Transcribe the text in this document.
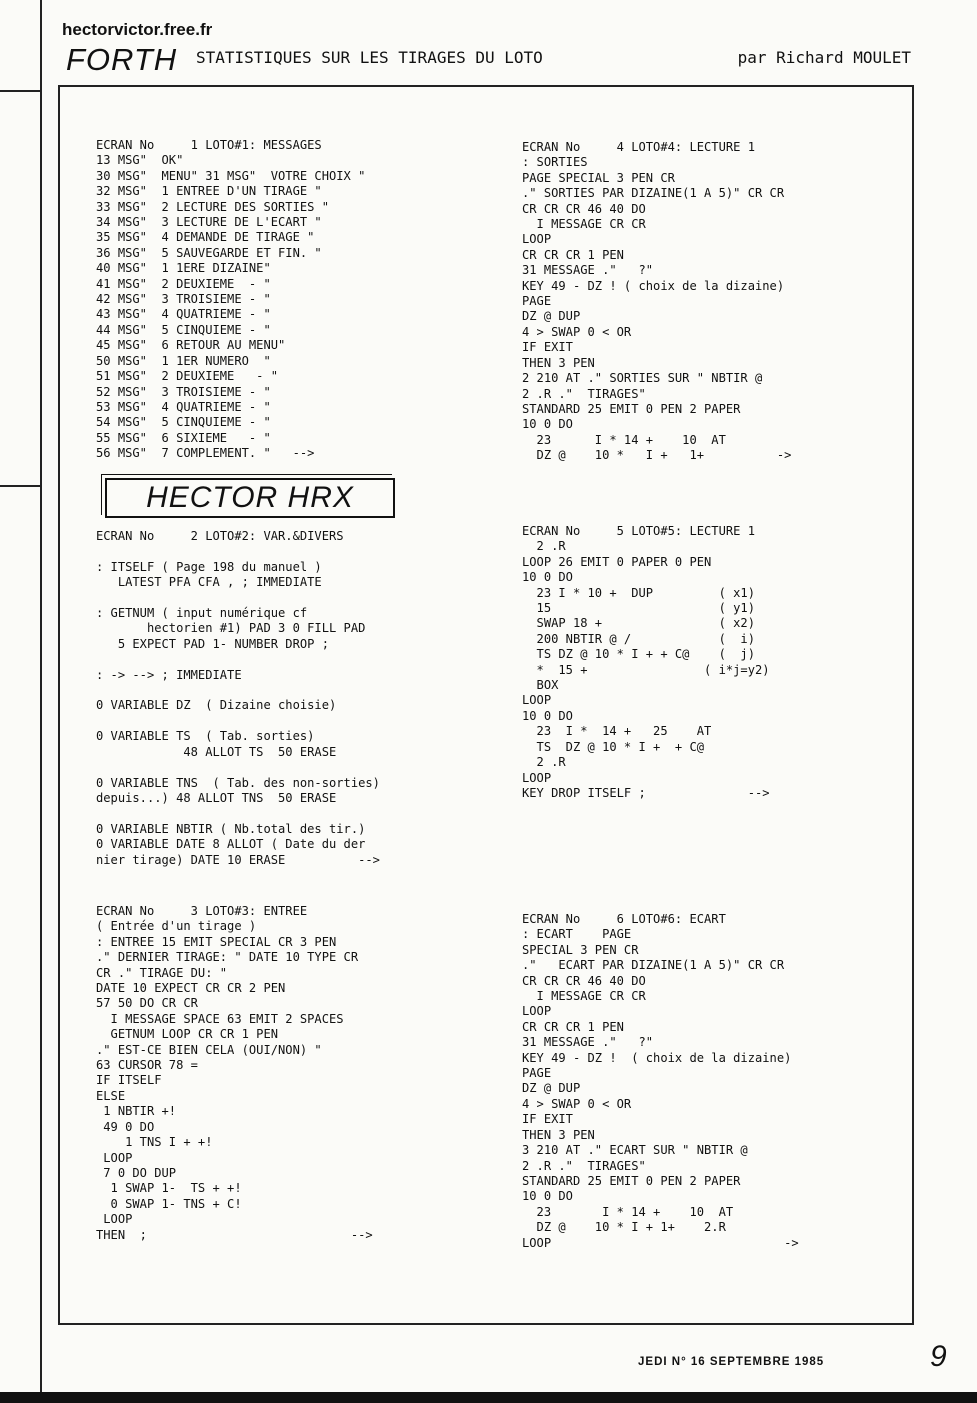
hectorvictor.free.fr
FORTH STATISTIQUES SUR LES TIRAGES DU LOTO	par Richard MOULET
ECRAN No     1 LOTO#1: MESSAGES
13 MSG"  OK"
30 MSG"  MENU" 31 MSG"  VOTRE CHOIX "
32 MSG"  1 ENTREE D'UN TIRAGE "
33 MSG"  2 LECTURE DES SORTIES "
34 MSG"  3 LECTURE DE L'ECART "
35 MSG"  4 DEMANDE DE TIRAGE "
36 MSG"  5 SAUVEGARDE ET FIN. "
40 MSG"  1 1ERE DIZAINE"
41 MSG"  2 DEUXIEME  - "
42 MSG"  3 TROISIEME - "
43 MSG"  4 QUATRIEME - "
44 MSG"  5 CINQUIEME - "
45 MSG"  6 RETOUR AU MENU"
50 MSG"  1 1ER NUMERO  "
51 MSG"  2 DEUXIEME   - "
52 MSG"  3 TROISIEME - "
53 MSG"  4 QUATRIEME - "
54 MSG"  5 CINQUIEME - "
55 MSG"  6 SIXIEME   - "
56 MSG"  7 COMPLEMENT. "   -->

ECRAN No     4 LOTO#4: LECTURE 1
: SORTIES
PAGE SPECIAL 3 PEN CR
." SORTIES PAR DIZAINE(1 A 5)" CR CR
CR CR CR 46 40 DO
I MESSAGE CR CR
LOOP
CR CR CR 1 PEN
31 MESSAGE ."   ?"
KEY 49 - DZ ! ( choix de la dizaine)
PAGE
DZ @ DUP
4 > SWAP 0 < OR
IF EXIT
THEN 3 PEN
2 210 AT ." SORTIES SUR " NBTIR @
2 .R ."  TIRAGES"
STANDARD 25 EMIT 0 PEN 2 PAPER
10 0 DO
23      I * 14 +    10  AT
DZ @    10 *   I +   1+          ->

HECTOR HRX
ECRAN No     2 LOTO#2: VAR.&DIVERS

: ITSELF ( Page 198 du manuel )
LATEST PFA CFA , ; IMMEDIATE

: GETNUM ( input numérique cf
hectorien #1) PAD 3 0 FILL PAD
5 EXPECT PAD 1- NUMBER DROP ;

: -> --> ; IMMEDIATE

0 VARIABLE DZ  ( Dizaine choisie)

0 VARIABLE TS  ( Tab. sorties)
48 ALLOT TS  50 ERASE

0 VARIABLE TNS  ( Tab. des non-sorties)
depuis...) 48 ALLOT TNS  50 ERASE

0 VARIABLE NBTIR ( Nb.total des tir.)
0 VARIABLE DATE 8 ALLOT ( Date du der
nier tirage) DATE 10 ERASE          -->

ECRAN No     5 LOTO#5: LECTURE 1
2 .R
LOOP 26 EMIT 0 PAPER 0 PEN
10 0 DO
23 I * 10 +  DUP         ( x1)
15                       ( y1)
SWAP 18 +                ( x2)
200 NBTIR @ /            (  i)
TS DZ @ 10 * I + + C@    (  j)
*  15 +                ( i*j=y2)
BOX
LOOP
10 0 DO
23  I *  14 +   25    AT
TS  DZ @ 10 * I +  + C@
2 .R
LOOP
KEY DROP ITSELF ;              -->

ECRAN No     3 LOTO#3: ENTREE
( Entrée d'un tirage )
: ENTREE 15 EMIT SPECIAL CR 3 PEN
." DERNIER TIRAGE: " DATE 10 TYPE CR
CR ." TIRAGE DU: "
DATE 10 EXPECT CR CR 2 PEN
57 50 DO CR CR
I MESSAGE SPACE 63 EMIT 2 SPACES
GETNUM LOOP CR CR 1 PEN
." EST-CE BIEN CELA (OUI/NON) "
63 CURSOR 78 =
IF ITSELF
ELSE
1 NBTIR +!
49 0 DO
1 TNS I + +!
LOOP
7 0 DO DUP
1 SWAP 1-  TS + +!
0 SWAP 1- TNS + C!
LOOP
THEN  ;                            -->

ECRAN No     6 LOTO#6: ECART
: ECART    PAGE
SPECIAL 3 PEN CR
."   ECART PAR DIZAINE(1 A 5)" CR CR
CR CR CR 46 40 DO
I MESSAGE CR CR
LOOP
CR CR CR 1 PEN
31 MESSAGE ."   ?"
KEY 49 - DZ !  ( choix de la dizaine)
PAGE
DZ @ DUP
4 > SWAP 0 < OR
IF EXIT
THEN 3 PEN
3 210 AT ." ECART SUR " NBTIR @
2 .R ."  TIRAGES"
STANDARD 25 EMIT 0 PEN 2 PAPER
10 0 DO
23       I * 14 +    10  AT
DZ @    10 * I + 1+    2.R
LOOP                                ->

JEDI N° 16 SEPTEMBRE 1985	9
